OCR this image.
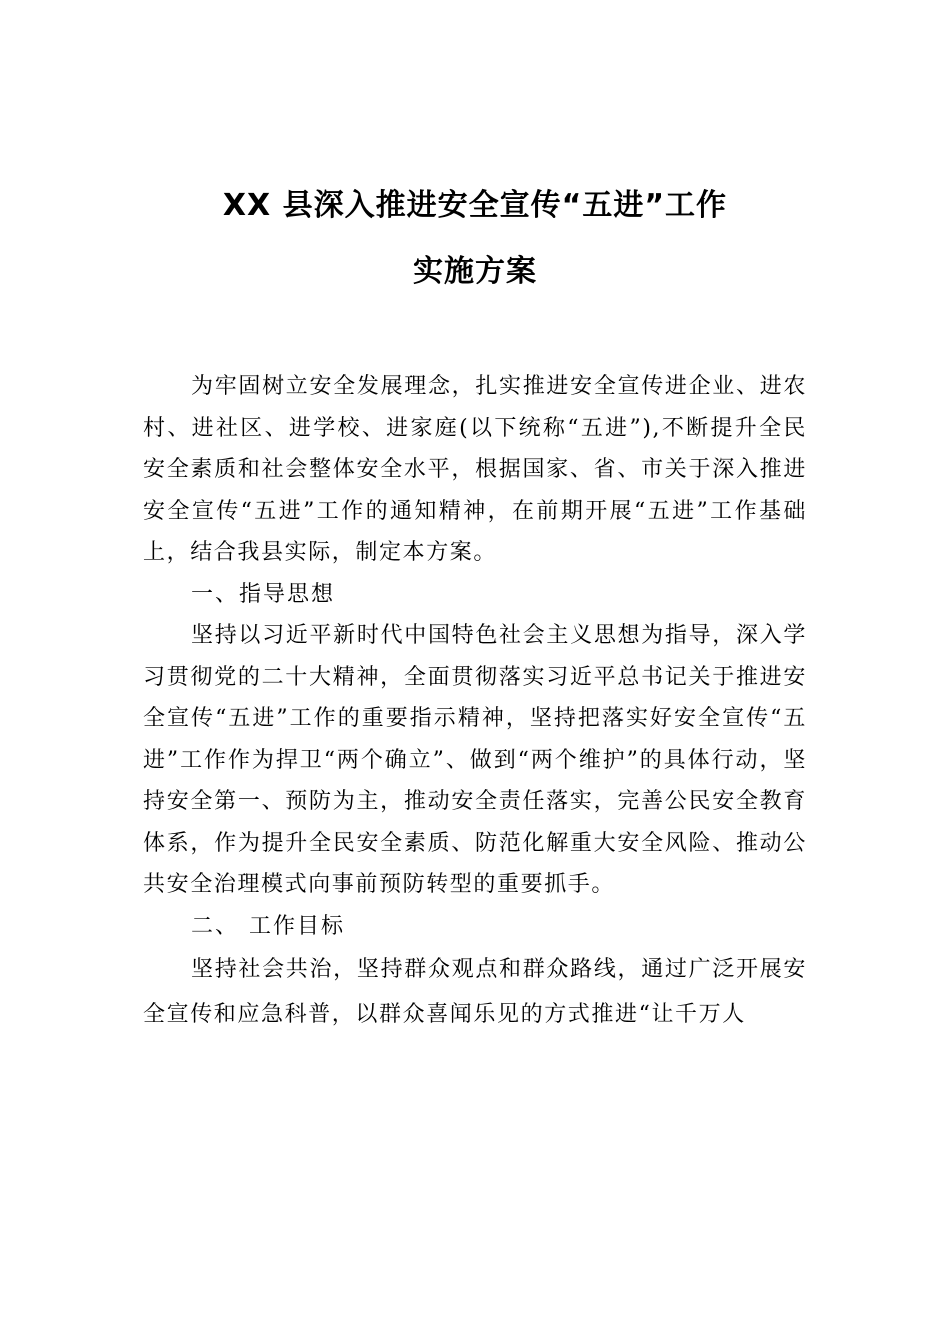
XX 县深入推进安全宣传“五进”工作
实施方案

为牢固树立安全发展理念，扎实推进安全宣传进企业、进农村、进社区、进学校、进家庭(以下统称“五进”),不断提升全民安全素质和社会整体安全水平，根据国家、省、市关于深入推进安全宣传“五进”工作的通知精神，在前期开展“五进”工作基础上，结合我县实际，制定本方案。

一、指导思想

坚持以习近平新时代中国特色社会主义思想为指导，深入学习贯彻党的二十大精神，全面贯彻落实习近平总书记关于推进安全宣传“五进”工作的重要指示精神，坚持把落实好安全宣传“五进”工作作为捍卫“两个确立”、做到“两个维护”的具体行动，坚持安全第一、预防为主，推动安全责任落实，完善公民安全教育体系，作为提升全民安全素质、防范化解重大安全风险、推动公共安全治理模式向事前预防转型的重要抓手。

二、 工作目标

坚持社会共治，坚持群众观点和群众路线，通过广泛开展安全宣传和应急科普，以群众喜闻乐见的方式推进“让千万人
